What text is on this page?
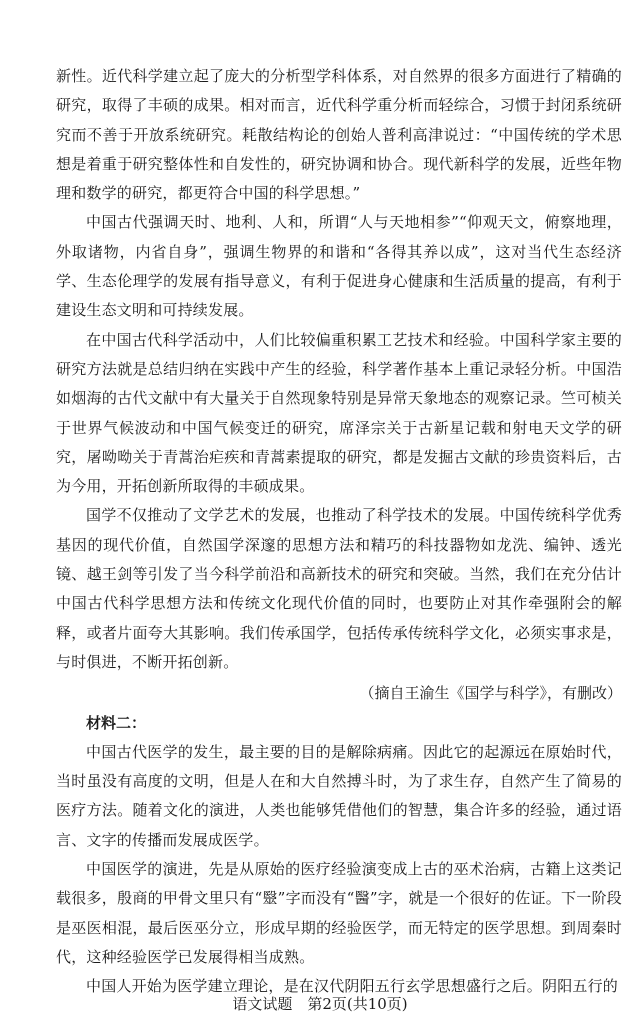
新性。近代科学建立起了庞大的分析型学科体系，对自然界的很多方面进行了精确的研究，取得了丰硕的成果。相对而言，近代科学重分析而轻综合，习惯于封闭系统研究而不善于开放系统研究。耗散结构论的创始人普利高津说过：“中国传统的学术思想是着重于研究整体性和自发性的，研究协调和协合。现代新科学的发展，近些年物理和数学的研究，都更符合中国的科学思想。”

中国古代强调天时、地利、人和，所谓“人与天地相参”“仰观天文，俯察地理，外取诸物，内省自身”，强调生物界的和谐和“各得其养以成”，这对当代生态经济学、生态伦理学的发展有指导意义，有利于促进身心健康和生活质量的提高，有利于建设生态文明和可持续发展。

在中国古代科学活动中，人们比较偏重积累工艺技术和经验。中国科学家主要的研究方法就是总结归纳在实践中产生的经验，科学著作基本上重记录轻分析。中国浩如烟海的古代文献中有大量关于自然现象特别是异常天象地态的观察记录。竺可桢关于世界气候波动和中国气候变迁的研究，席泽宗关于古新星记载和射电天文学的研究，屠呦呦关于青蒿治疟疾和青蒿素提取的研究，都是发掘古文献的珍贵资料后，古为今用，开拓创新所取得的丰硕成果。

国学不仅推动了文学艺术的发展，也推动了科学技术的发展。中国传统科学优秀基因的现代价值，自然国学深邃的思想方法和精巧的科技器物如龙洗、编钟、透光镜、越王剑等引发了当今科学前沿和高新技术的研究和突破。当然，我们在充分估计中国古代科学思想方法和传统文化现代价值的同时，也要防止对其作牵强附会的解释，或者片面夸大其影响。我们传承国学，包括传承传统科学文化，必须实事求是，与时俱进，不断开拓创新。

（摘自王渝生《国学与科学》，有删改）

材料二：

中国古代医学的发生，最主要的目的是解除病痛。因此它的起源远在原始时代，当时虽没有高度的文明，但是人在和大自然搏斗时，为了求生存，自然产生了简易的医疗方法。随着文化的演进，人类也能够凭借他们的智慧，集合许多的经验，通过语言、文字的传播而发展成医学。

中国医学的演进，先是从原始的医疗经验演变成上古的巫术治病，古籍上这类记载很多，殷商的甲骨文里只有“毉”字而没有“醫”字，就是一个很好的佐证。下一阶段是巫医相混，最后医巫分立，形成早期的经验医学，而无特定的医学思想。到周秦时代，这种经验医学已发展得相当成熟。

中国人开始为医学建立理论，是在汉代阴阳五行玄学思想盛行之后。阴阳五行的

语文试题　第2页(共10页)
